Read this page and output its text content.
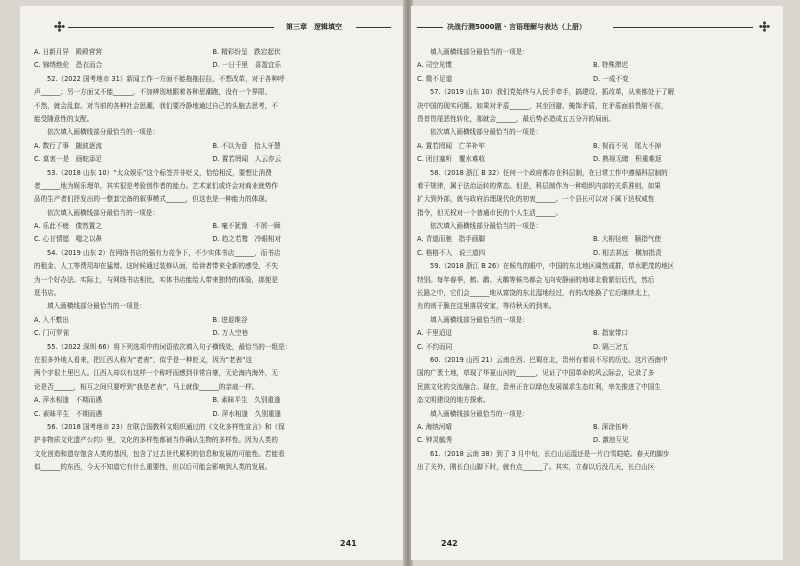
第三章　逻辑填空
A. 日新月异　殿殿营营	B. 精彩纷呈　跌宕起伏
C. 锦绣绝伦　恐衣而合	D. 一日千里　喜盈宜乐
52.（2022 国考地市 31）新闻工作一方面不能拖拖拉拉，不想改革，对于各种呼
声______；另一方面又不能______，不加辨别地跟着各种思潮跑，没有一个界限、
不然，就会乱套。对当前的各种社会思潮，我们要冷静地通过自己的头脑去思考，不
能受随意性的支配。
依次填入画横线部分最恰当的一项是：
A. 数行了事　随波逐流	B. 不以为意　拾人牙慧
C. 莫衷一是　画蛇添足	D. 置若罔闻　人云亦云
53.（2018 山东 10）“太众娱乐”这个标签并非贬义，恰恰相反，要想让消费
者______地为娱乐埋单，其实很是考验创作者的能力。艺术家们或许会对商业就势作
品的生产者们抒发出的一整套完备的叙事模式______，但这也是一种能力的体现。
依次填入画横线部分最恰当的一项是：
A. 乐此不疲　债然置之	B. 毫不犹豫　不屑一顾
C. 心甘情愿　嗤之以鼻	D. 趋之若鹜　冷眼相对
54.（2019 山东 2）在网络书店的强有力竞争下，不少实体书店______，而书店
的租金、人工等费用却在猛增。这时候通过装修认面，给读者带来全新的感受，不失
为一个好办法。实际上，与网络书店相比，实体书店能给人带来独特的体验，那便是
逛书店。
填入画横线部分最恰当的一项是：
A. 入不敷出	B. 进退维谷
C. 门可罗雀	D. 万人空巷
55.（2022 深圳 66）将下列选项中的词语依次填入句子横线处，最恰当的一组是：
在很多外地人看来，把江西人称为“老表”，似乎是一种贬义，因为“老表”这
两个字很土里巴人。江西人却以有这样一个称呼而感到非常自豪，无论海内海外，无
论是否______，相互之间只要呼到“我是老表”，马上就像______的亲戚一样。
A. 萍水相逢　不期而遇	B. 素昧平生　久别重逢
C. 素昧平生　不期而遇	D. 萍水相逢　久别重逢
56.（2018 国考地市 23）在联合国教科文组织通过的《文化多样性宣言》和《保
护非物质文化遗产公约》里，文化的多样性都被当作确认生物的多样性。因为人类的
文化创造和遗存饱含人类的基因，包含了过去世代累积的信息和发展的可能性。若能看
似______的东西，今天不知道它有什么重要性，但以后可能会影响到人类的发展。
241
决战行测5000题 · 言语理解与表达（上册）
填入画横线部分最恰当的一项是：
A. 司空见惯	B. 特殊滞迟
C. 微不足道	D. 一成不变
57.（2019 山东 10）我们党始终与人民手牵手，搞建设、抓改革，从来都处于了解
决中国的现实问题。如果对矛盾______，其至回避、掩饰矛盾，在矛盾面前畏缩不前，
畏首畏尾恶性转化，那就会______，最后势必造成五五分开的局面。
依次填入画横线部分最恰当的一项是：
A. 置若罔闻　亡羊补牢	B. 视而不见　尾大不掉
C. 闭目塞听　覆水难收	D. 熟视无睹　积重难返
58.（2018 浙江 B 32）任何一个政府都存在科层制，在日常工作中遵循科层制的
着干规律，属于法治运转的常态。但是，科层制作为一种组织内部的关系准则，如果
扩大到外部，就与政府治理现代化的初衷______。一个县长可以对下属下达权威性
指令，但无权对一个普通市民的个人生活______。
依次填入画横线部分最恰当的一项是：
A. 背道而驰　指手画脚	B. 大相径庭　颐指气使
C. 格格不入　说三道四	D. 相去甚远　横加指责
59.（2018 浙江 B 26）在候鸟的眼中，中国的东北地区阔然成群，草水肥茂的地区
特别。每年春季，鹤、鹳、天鹅等候鸟都会飞向安静丽的地球北极繁衍后代，然后
长路之中，它们会______地从富饶的东北湿地经过，有的改地换了它后继续北上，
有的则干脆在这里落居安家，等待秋天的到来。
填入画横线部分最恰当的一项是：
A. 千里迢迢	B. 指家带口
C. 不约而同	D. 隔三岔五
60.（2019 山西 21）云南在西、巴蜀在北，贵州有着说不尽的历史。这片西南中
国的广袤土地，草现了华夏山河的______，见证了中国革命的风云际会，记录了多
民族文化的交流融合。现在，贵州正在以绿色发展谋求生态红利，率先推进了中国生
态文明建设的地方探索。
填入画横线部分最恰当的一项是：
A. 海纳河晴	B. 深涂伍岭
C. 钟灵毓秀	D. 激池互见
61.（2018 云南 38）到了 3 月中旬，长白山运湿还是一片白雪皑皑。春天的脚步
出了关外，刚长白山脚下时，就有点______了。其实，立春以后没几天，长白山区
242
